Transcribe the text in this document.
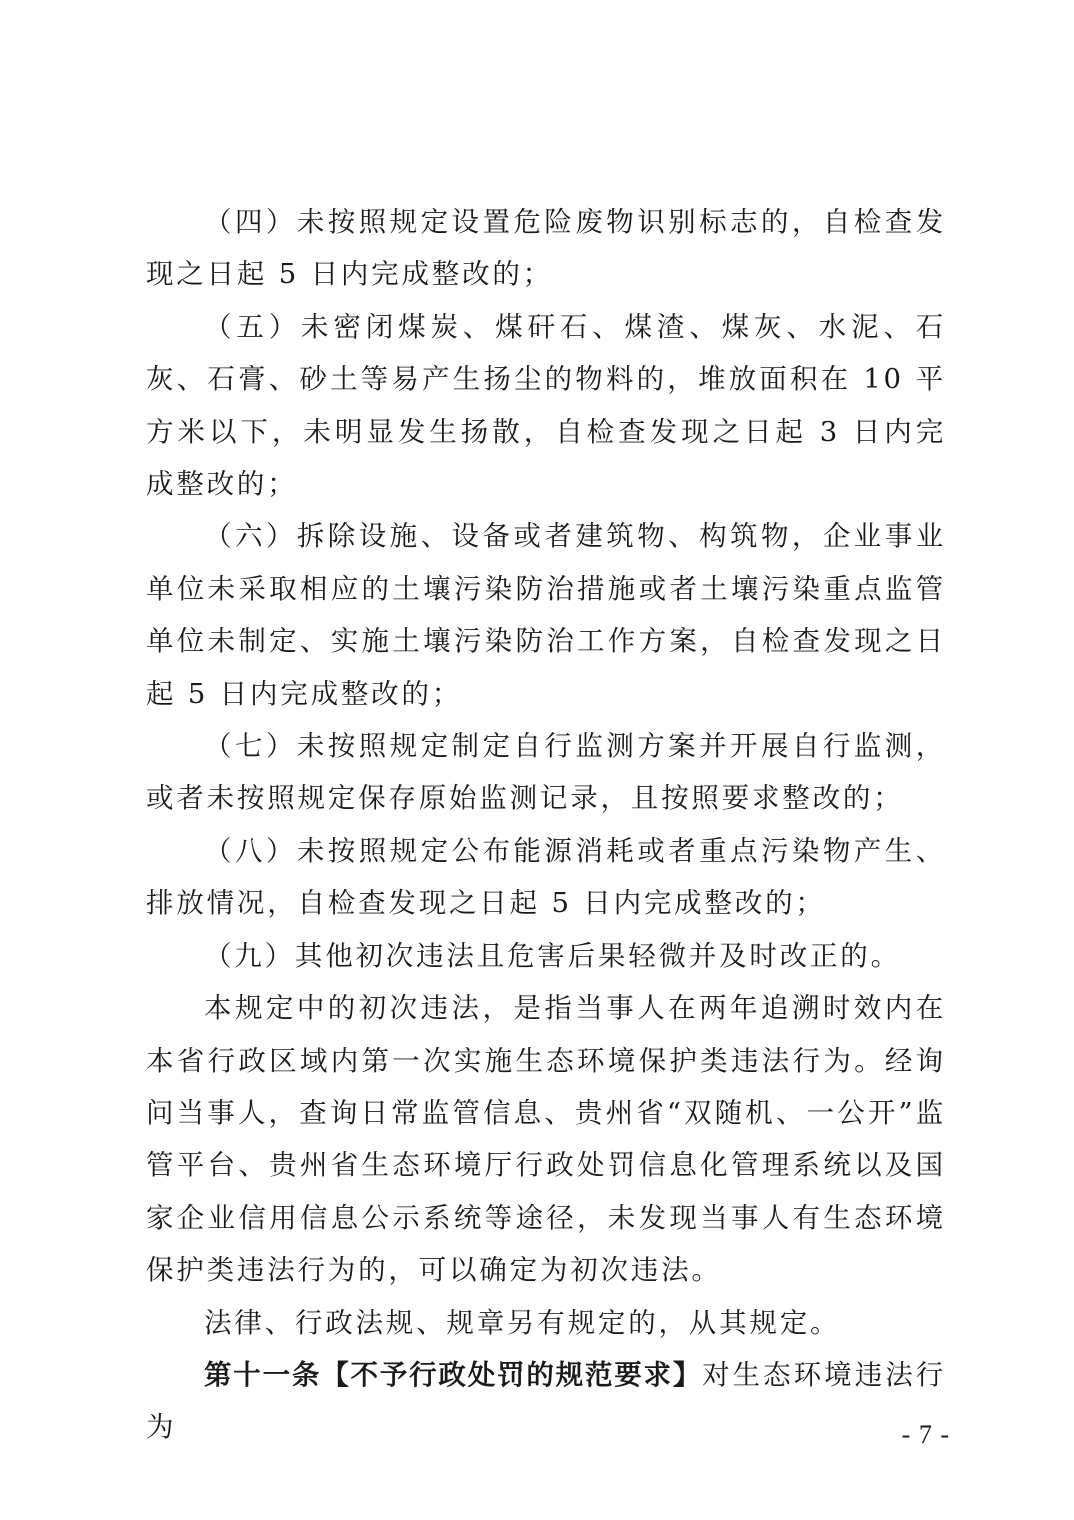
（四）未按照规定设置危险废物识别标志的，自检查发现之日起 5 日内完成整改的；

（五）未密闭煤炭、煤矸石、煤渣、煤灰、水泥、石灰、石膏、砂土等易产生扬尘的物料的，堆放面积在 10 平方米以下，未明显发生扬散，自检查发现之日起 3 日内完成整改的；

（六）拆除设施、设备或者建筑物、构筑物，企业事业单位未采取相应的土壤污染防治措施或者土壤污染重点监管单位未制定、实施土壤污染防治工作方案，自检查发现之日起 5 日内完成整改的；

（七）未按照规定制定自行监测方案并开展自行监测，或者未按照规定保存原始监测记录，且按照要求整改的；

（八）未按照规定公布能源消耗或者重点污染物产生、排放情况，自检查发现之日起 5 日内完成整改的；

（九）其他初次违法且危害后果轻微并及时改正的。

本规定中的初次违法，是指当事人在两年追溯时效内在本省行政区域内第一次实施生态环境保护类违法行为。经询问当事人，查询日常监管信息、贵州省“双随机、一公开”监管平台、贵州省生态环境厅行政处罚信息化管理系统以及国家企业信用信息公示系统等途径，未发现当事人有生态环境保护类违法行为的，可以确定为初次违法。

法律、行政法规、规章另有规定的，从其规定。

第十一条【不予行政处罚的规范要求】对生态环境违法行为	- 7 -
